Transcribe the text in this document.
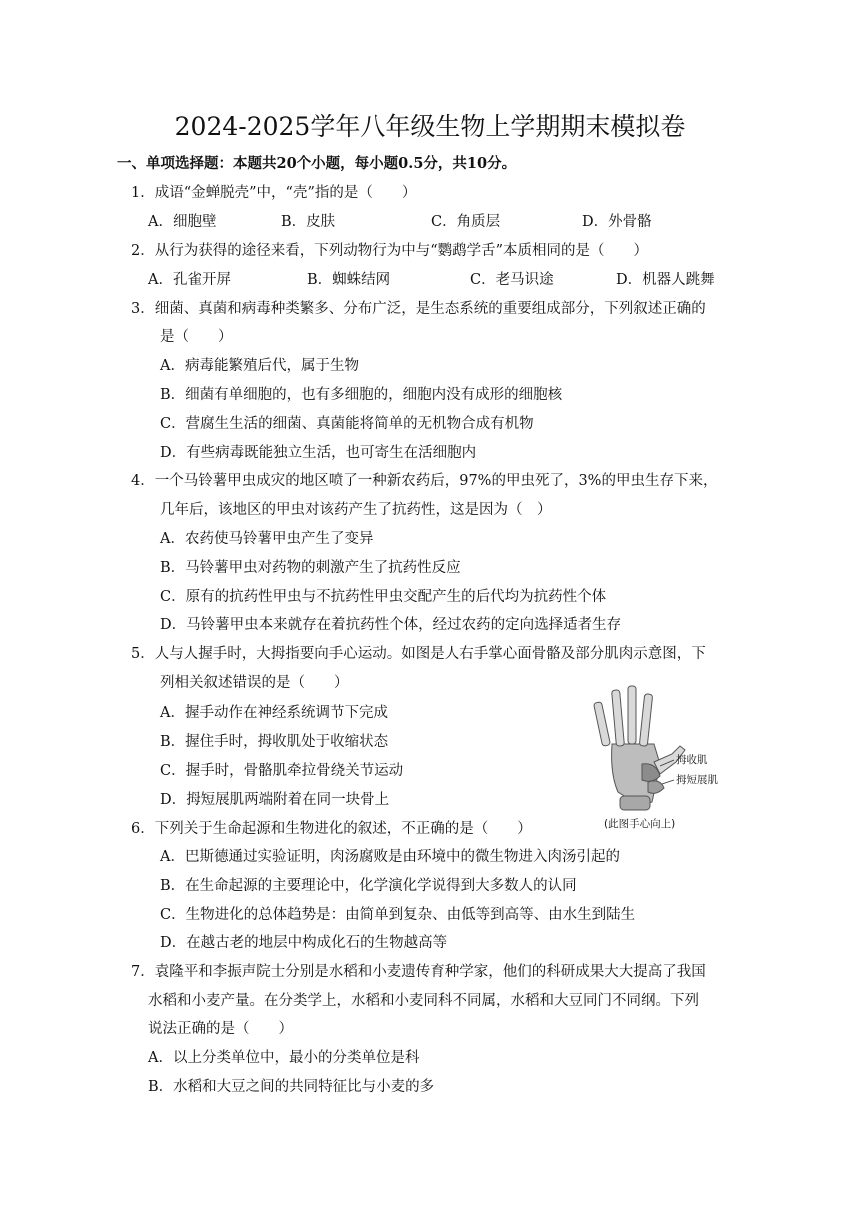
2024-2025学年八年级生物上学期期末模拟卷
一、单项选择题：本题共20个小题，每小题0.5分，共10分。
1．成语“金蝉脱壳”中，“壳”指的是（　　）
A．细胞壁	B．皮肤	C．角质层	D．外骨骼
2．从行为获得的途径来看，下列动物行为中与“鹦鹉学舌”本质相同的是（　　）
A．孔雀开屏	B．蜘蛛结网	C．老马识途	D．机器人跳舞
3．细菌、真菌和病毒种类繁多、分布广泛，是生态系统的重要组成部分，下列叙述正确的
是（　　）
A．病毒能繁殖后代，属于生物
B．细菌有单细胞的，也有多细胞的，细胞内没有成形的细胞核
C．营腐生生活的细菌、真菌能将简单的无机物合成有机物
D．有些病毒既能独立生活，也可寄生在活细胞内
4．一个马铃薯甲虫成灾的地区喷了一种新农药后，97%的甲虫死了，3%的甲虫生存下来，
几年后，该地区的甲虫对该药产生了抗药性，这是因为（　）
A．农药使马铃薯甲虫产生了变异
B．马铃薯甲虫对药物的刺激产生了抗药性反应
C．原有的抗药性甲虫与不抗药性甲虫交配产生的后代均为抗药性个体
D．马铃薯甲虫本来就存在着抗药性个体，经过农药的定向选择适者生存
5．人与人握手时，大拇指要向手心运动。如图是人右手掌心面骨骼及部分肌肉示意图，下
列相关叙述错误的是（　　）
A．握手动作在神经系统调节下完成
B．握住手时，拇收肌处于收缩状态
C．握手时，骨骼肌牵拉骨绕关节运动
D．拇短展肌两端附着在同一块骨上
拇收肌
拇短展肌
(此图手心向上)
6．下列关于生命起源和生物进化的叙述，不正确的是（　　）
A．巴斯德通过实验证明，肉汤腐败是由环境中的微生物进入肉汤引起的
B．在生命起源的主要理论中，化学演化学说得到大多数人的认同
C．生物进化的总体趋势是：由简单到复杂、由低等到高等、由水生到陆生
D．在越古老的地层中构成化石的生物越高等
7．袁隆平和李振声院士分别是水稻和小麦遗传育种学家，他们的科研成果大大提高了我国
水稻和小麦产量。在分类学上，水稻和小麦同科不同属，水稻和大豆同门不同纲。下列
说法正确的是（　　）
A．以上分类单位中，最小的分类单位是科
B．水稻和大豆之间的共同特征比与小麦的多
